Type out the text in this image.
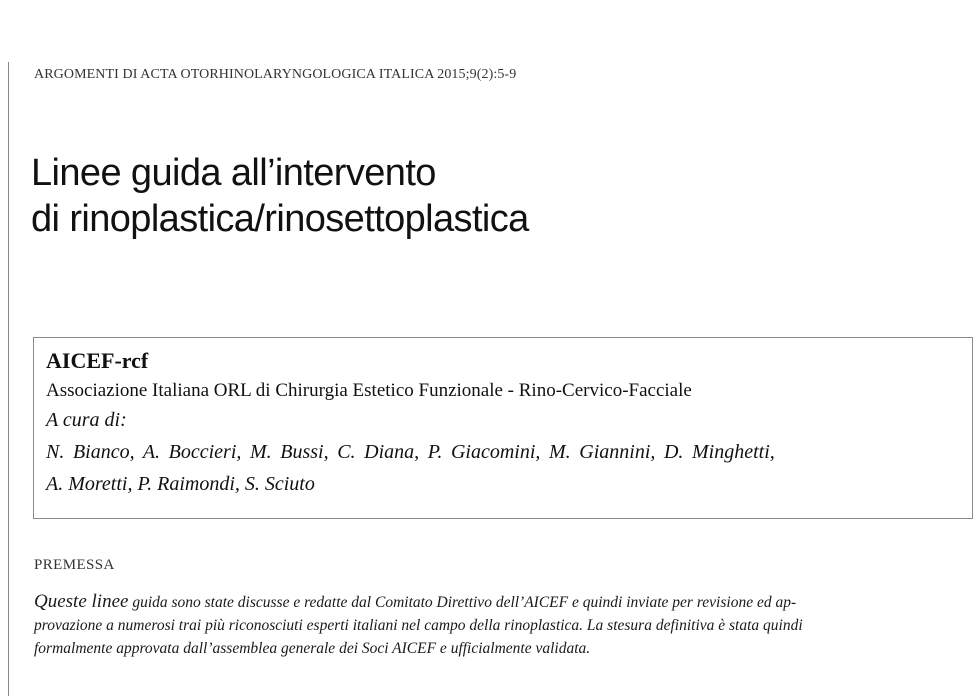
ARGOMENTI DI ACTA OTORHINOLARYNGOLOGICA ITALICA 2015;9(2):5-9
Linee guida all’intervento
di rinoplastica/rinosettoplastica
AICEF-rcf
Associazione Italiana ORL di Chirurgia Estetico Funzionale - Rino-Cervico-Facciale
A cura di:
N. Bianco, A. Boccieri, M. Bussi, C. Diana, P. Giacomini, M. Giannini, D. Minghetti,
A. Moretti, P. Raimondi, S. Sciuto
PREMESSA
Queste linee guida sono state discusse e redatte dal Comitato Direttivo dell’AICEF e quindi inviate per revisione ed ap-
provazione a numerosi trai più riconosciuti esperti italiani nel campo della rinoplastica. La stesura definitiva è stata quindi
formalmente approvata dall’assemblea generale dei Soci AICEF e ufficialmente validata.
